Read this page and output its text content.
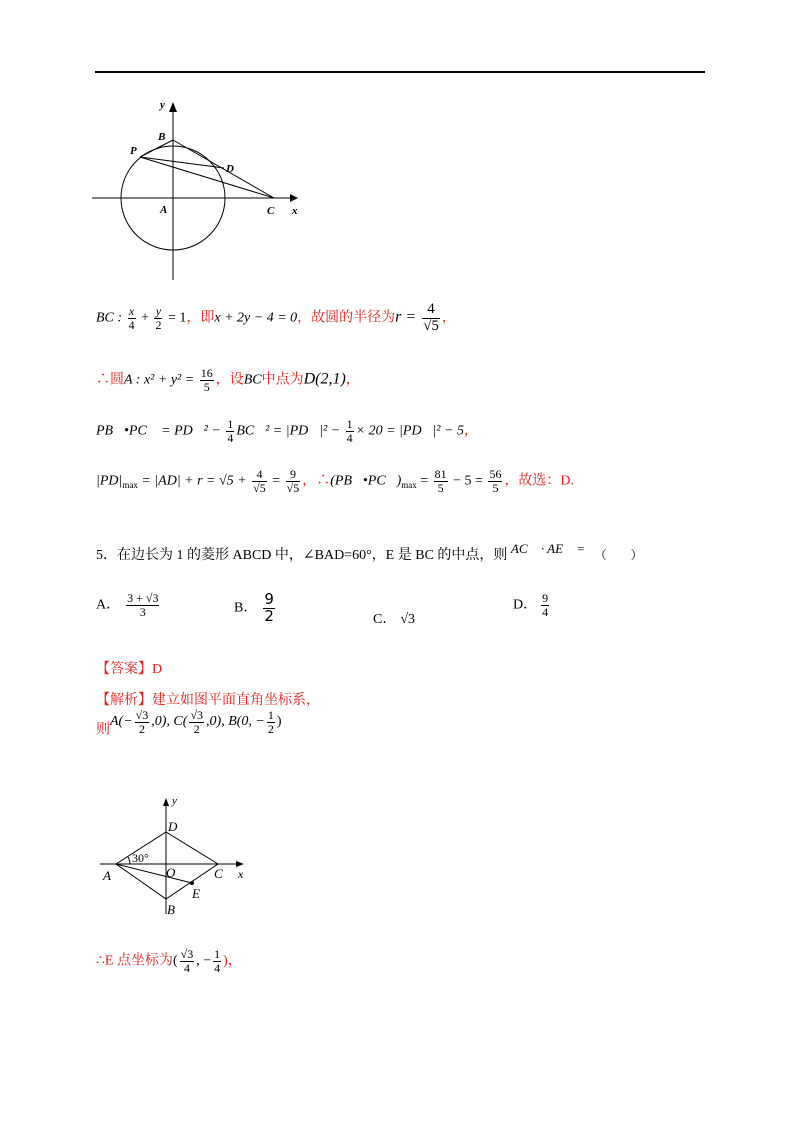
y
x
B
P
D
A	C
BC : $\frac{x}{4} + \frac{y}{2} = 1$，即x + 2y − 4 = 0，故圆的半径为$r = \frac{4}{√5}$ ，
∴圆A : $x^2 + y^2 = \frac{16}{5}$ ，设BC中点为D(2,1)，
PB⃗•PC⃗ = PD⃗² − $\frac{1}{4}$ BC⃗² = |PD⃗|² − $\frac{1}{4} \times 20$ = |PD⃗|² − 5，
$|PD|_{max} = |AD| + r = √5 + \frac{4}{√5} = \frac{9}{√5}$ ，$\therefore(PB⃗•PC⃗)_{max} = \frac{81}{5} - 5 = \frac{56}{5}$ ，故选：D.
5．在边长为 1 的菱形 ABCD 中，∠BAD=60°，E 是 BC 的中点，则 AC⃗ · AE⃗ = （　　）
A． $\frac{3 + √3}{3}$	B． $\frac{9}{2}$	C． √3
D． $\frac{9}{4}$
【答案】D
【解析】建立如图平面直角坐标系，
则$A(- \frac{√3}{2} ,0)$, $C( \frac{√3}{2} ,0)$, B(0, − $\frac{1}{2}$ )
y
x
D
A	O	C
E
B
30°
∴E 点坐标为( $\frac{√3}{4}$ , − $\frac{1}{4}$ )，
